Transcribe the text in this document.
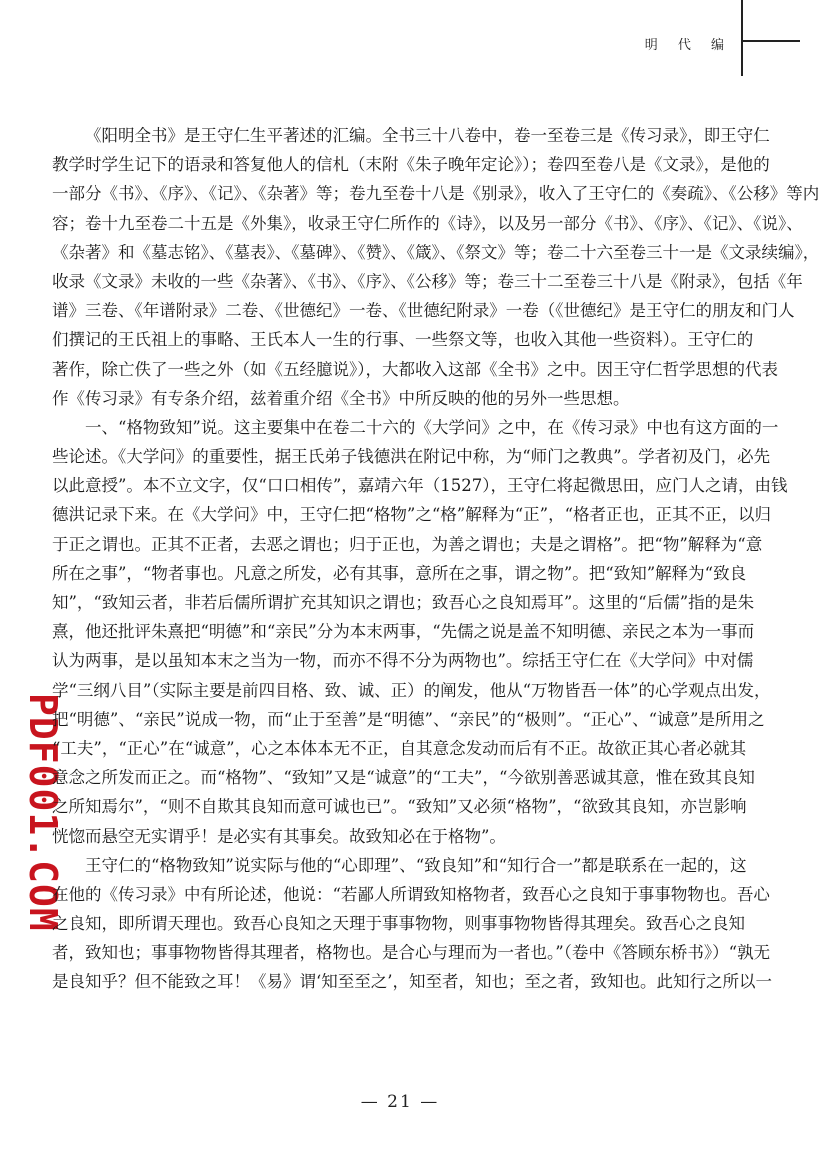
明 代 编
PDF001.COM
《阳明全书》是王守仁生平著述的汇编。全书三十八卷中，卷一至卷三是《传习录》，即王守仁
教学时学生记下的语录和答复他人的信札（末附《朱子晚年定论》）；卷四至卷八是《文录》，是他的
一部分《书》、《序》、《记》、《杂著》等；卷九至卷十八是《别录》，收入了王守仁的《奏疏》、《公移》等内
容；卷十九至卷二十五是《外集》，收录王守仁所作的《诗》，以及另一部分《书》、《序》、《记》、《说》、
《杂著》和《墓志铭》、《墓表》、《墓碑》、《赞》、《箴》、《祭文》等；卷二十六至卷三十一是《文录续编》，
收录《文录》未收的一些《杂著》、《书》、《序》、《公移》等；卷三十二至卷三十八是《附录》，包括《年
谱》三卷、《年谱附录》二卷、《世德纪》一卷、《世德纪附录》一卷（《世德纪》是王守仁的朋友和门人
们撰记的王氏祖上的事略、王氏本人一生的行事、一些祭文等，也收入其他一些资料）。王守仁的
著作，除亡佚了一些之外（如《五经臆说》），大都收入这部《全书》之中。因王守仁哲学思想的代表
作《传习录》有专条介绍，兹着重介绍《全书》中所反映的他的另外一些思想。
一、“格物致知”说。这主要集中在卷二十六的《大学问》之中，在《传习录》中也有这方面的一
些论述。《大学问》的重要性，据王氏弟子钱德洪在附记中称，为“师门之教典”。学者初及门，必先
以此意授”。本不立文字，仅“口口相传”，嘉靖六年（1527），王守仁将起微思田，应门人之请，由钱
德洪记录下来。在《大学问》中，王守仁把“格物”之“格”解释为“正”，“格者正也，正其不正，以归
于正之谓也。正其不正者，去恶之谓也；归于正也，为善之谓也；夫是之谓格”。把“物”解释为“意
所在之事”，“物者事也。凡意之所发，必有其事，意所在之事，谓之物”。把“致知”解释为“致良
知”，“致知云者，非若后儒所谓扩充其知识之谓也；致吾心之良知焉耳”。这里的“后儒”指的是朱
熹，他还批评朱熹把“明德”和“亲民”分为本末两事，“先儒之说是盖不知明德、亲民之本为一事而
认为两事，是以虽知本末之当为一物，而亦不得不分为两物也”。综括王守仁在《大学问》中对儒
学“三纲八目”（实际主要是前四目格、致、诚、正）的阐发，他从“万物皆吾一体”的心学观点出发，
把“明德”、“亲民”说成一物，而“止于至善”是“明德”、“亲民”的“极则”。“正心”、“诚意”是所用之
“工夫”，“正心”在“诚意”，心之本体本无不正，自其意念发动而后有不正。故欲正其心者必就其
意念之所发而正之。而“格物”、“致知”又是“诚意”的“工夫”，“今欲别善恶诚其意，惟在致其良知
之所知焉尔”，“则不自欺其良知而意可诚也已”。“致知”又必须“格物”，“欲致其良知，亦岂影响
恍惚而悬空无实谓乎！是必实有其事矣。故致知必在于格物”。
王守仁的“格物致知”说实际与他的“心即理”、“致良知”和“知行合一”都是联系在一起的，这
在他的《传习录》中有所论述，他说：“若鄙人所谓致知格物者，致吾心之良知于事事物物也。吾心
之良知，即所谓天理也。致吾心良知之天理于事事物物，则事事物物皆得其理矣。致吾心之良知
者，致知也；事事物物皆得其理者，格物也。是合心与理而为一者也。”（卷中《答顾东桥书》）“孰无
是良知乎？但不能致之耳！《易》谓‘知至至之’，知至者，知也；至之者，致知也。此知行之所以一
— 21 —
